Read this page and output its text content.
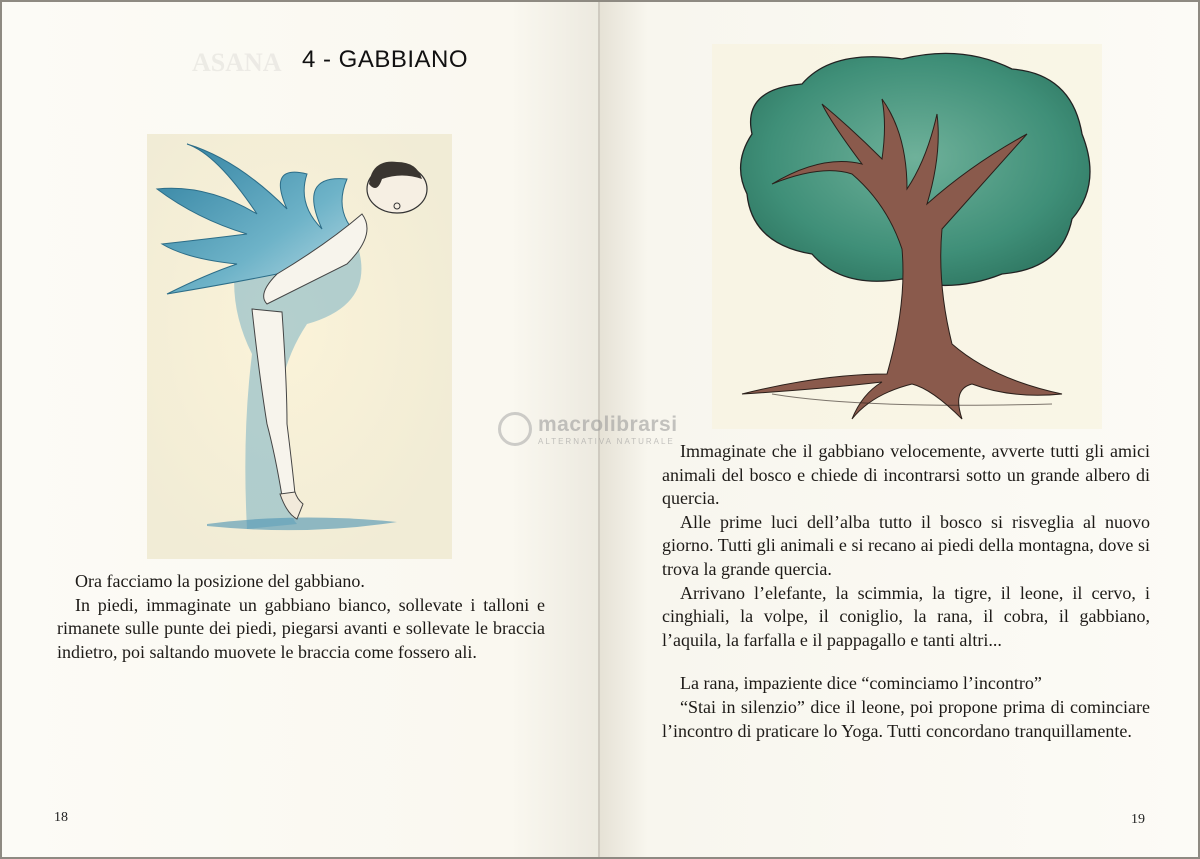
ASANA 4 - GABBIANO

Ora facciamo la posizione del gabbiano.

In piedi, immaginate un gabbiano bianco, sollevate i talloni e rimanete sulle punte dei piedi, piegarsi avanti e sollevate le braccia indietro, poi saltando muovete le braccia come fossero ali.

18

Immaginate che il gabbiano velocemente, avverte tutti gli amici animali del bosco e chiede di incontrarsi sotto un grande albero di quercia.

Alle prime luci dell’alba tutto il bosco si risveglia al nuovo giorno. Tutti gli animali e si recano ai piedi della montagna, dove si trova la grande quercia.

Arrivano l’elefante, la scimmia, la tigre, il leone, il cervo, i cinghiali, la volpe, il coniglio, la rana, il cobra, il gabbiano, l’aquila, la farfalla e il pappagallo e tanti altri...

La rana, impaziente dice “cominciamo l’incontro”

“Stai in silenzio” dice il leone, poi propone prima di cominciare l’incontro di praticare lo Yoga. Tutti concordano tranquillamente.

19
macrolibrarsi
ALTERNATIVA NATURALE
